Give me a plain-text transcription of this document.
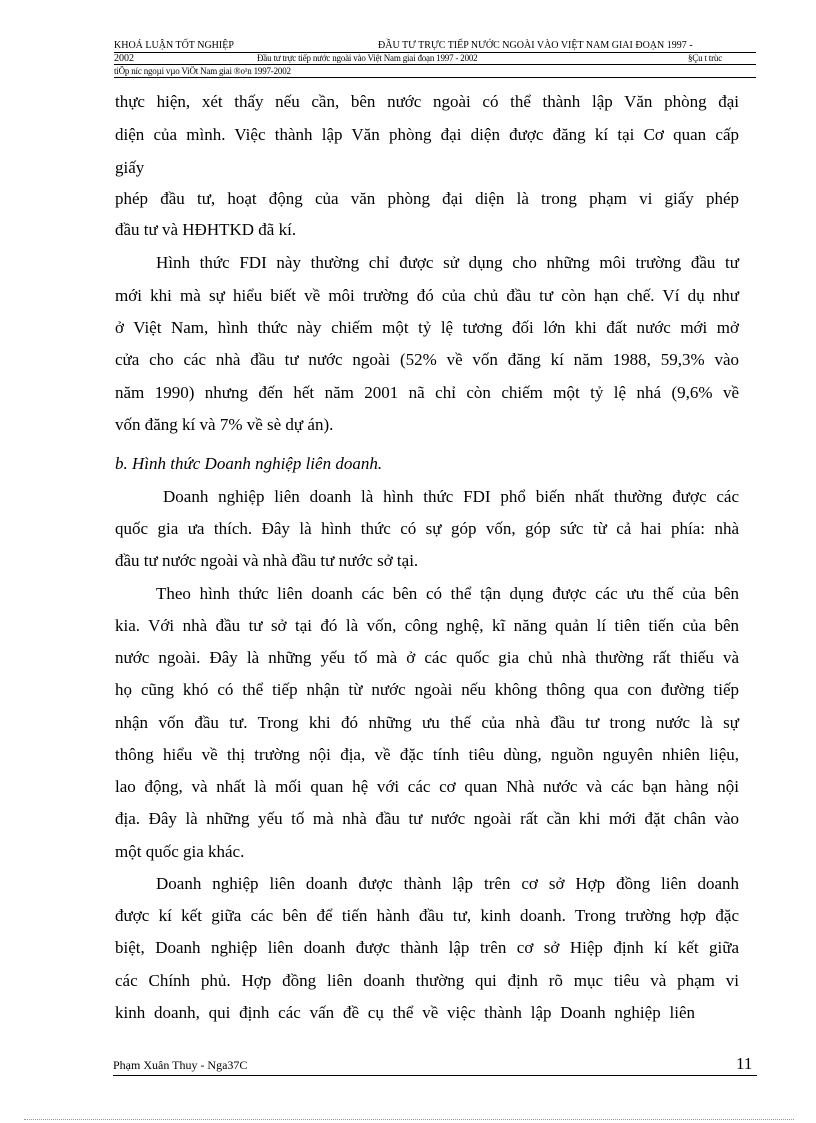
KHOÁ LUẬN TỐT NGHIỆP	ĐẦU TƯ TRỰC TIẾP NƯỚC NGOÀI VÀO VIỆT NAM GIAI ĐOẠN 1997 -
2002	Đầu tư trực tiếp nước ngoài vào Việt Nam giai đoạn 1997 - 2002	§Çu t trùc
tiÕp níc ngoµi vµo ViÖt Nam giai ®o¹n 1997-2002
thực hiện, xét thấy nếu cần, bên nước ngoài có thể thành lập Văn phòng đại
diện của mình. Việc thành lập Văn phòng đại diện được đăng kí tại Cơ quan cấp
giấy
phép đầu tư, hoạt động của văn phòng đại diện là trong phạm vi giấy phép
đầu tư và HĐHTKD đã kí.
Hình thức FDI này thường chỉ được sử dụng cho những môi trường đầu tư
mới khi mà sự hiểu biết về môi trường đó của chủ đầu tư còn hạn chế. Ví dụ như
ở Việt Nam, hình thức này chiếm một tỷ lệ tương đối lớn khi đất nước mới mở
cửa cho các nhà đầu tư nước ngoài (52% về vốn đăng kí năm 1988, 59,3% vào
năm 1990) nhưng đến hết năm 2001 nã chỉ còn chiếm một tỷ lệ nhá (9,6% về
vốn đăng kí và 7% về sè dự án).
b. Hình thức Doanh nghiệp liên doanh.
Doanh nghiệp liên doanh là hình thức FDI phổ biến nhất thường được các
quốc gia ưa thích. Đây là hình thức có sự góp vốn, góp sức từ cả hai phía: nhà
đầu tư nước ngoài và nhà đầu tư nước sở tại.
Theo hình thức liên doanh các bên có thể tận dụng được các ưu thế của bên
kia. Với nhà đầu tư sở tại đó là vốn, công nghệ, kĩ năng quản lí tiên tiến của bên
nước ngoài. Đây là những yếu tố mà ở các quốc gia chủ nhà thường rất thiếu và
họ cũng khó có thể tiếp nhận từ nước ngoài nếu không thông qua con đường tiếp
nhận vốn đầu tư. Trong khi đó những ưu thế của nhà đầu tư trong nước là sự
thông hiểu về thị trường nội địa, về đặc tính tiêu dùng, nguồn nguyên nhiên liệu,
lao động, và nhất là mối quan hệ với các cơ quan Nhà nước và các bạn hàng nội
địa. Đây là những yếu tố mà nhà đầu tư nước ngoài rất cần khi mới đặt chân vào
một quốc gia khác.
Doanh nghiệp liên doanh được thành lập trên cơ sở Hợp đồng liên doanh
được kí kết giữa các bên để tiến hành đầu tư, kinh doanh. Trong trường hợp đặc
biệt, Doanh nghiệp liên doanh được thành lập trên cơ sở Hiệp định kí kết giữa
các Chính phủ. Hợp đồng liên doanh thường qui định rõ mục tiêu và phạm vi
kinh doanh, qui định các vấn đề cụ thể về việc thành lập Doanh nghiệp liên
Phạm Xuân Thuy - Nga37C	11
